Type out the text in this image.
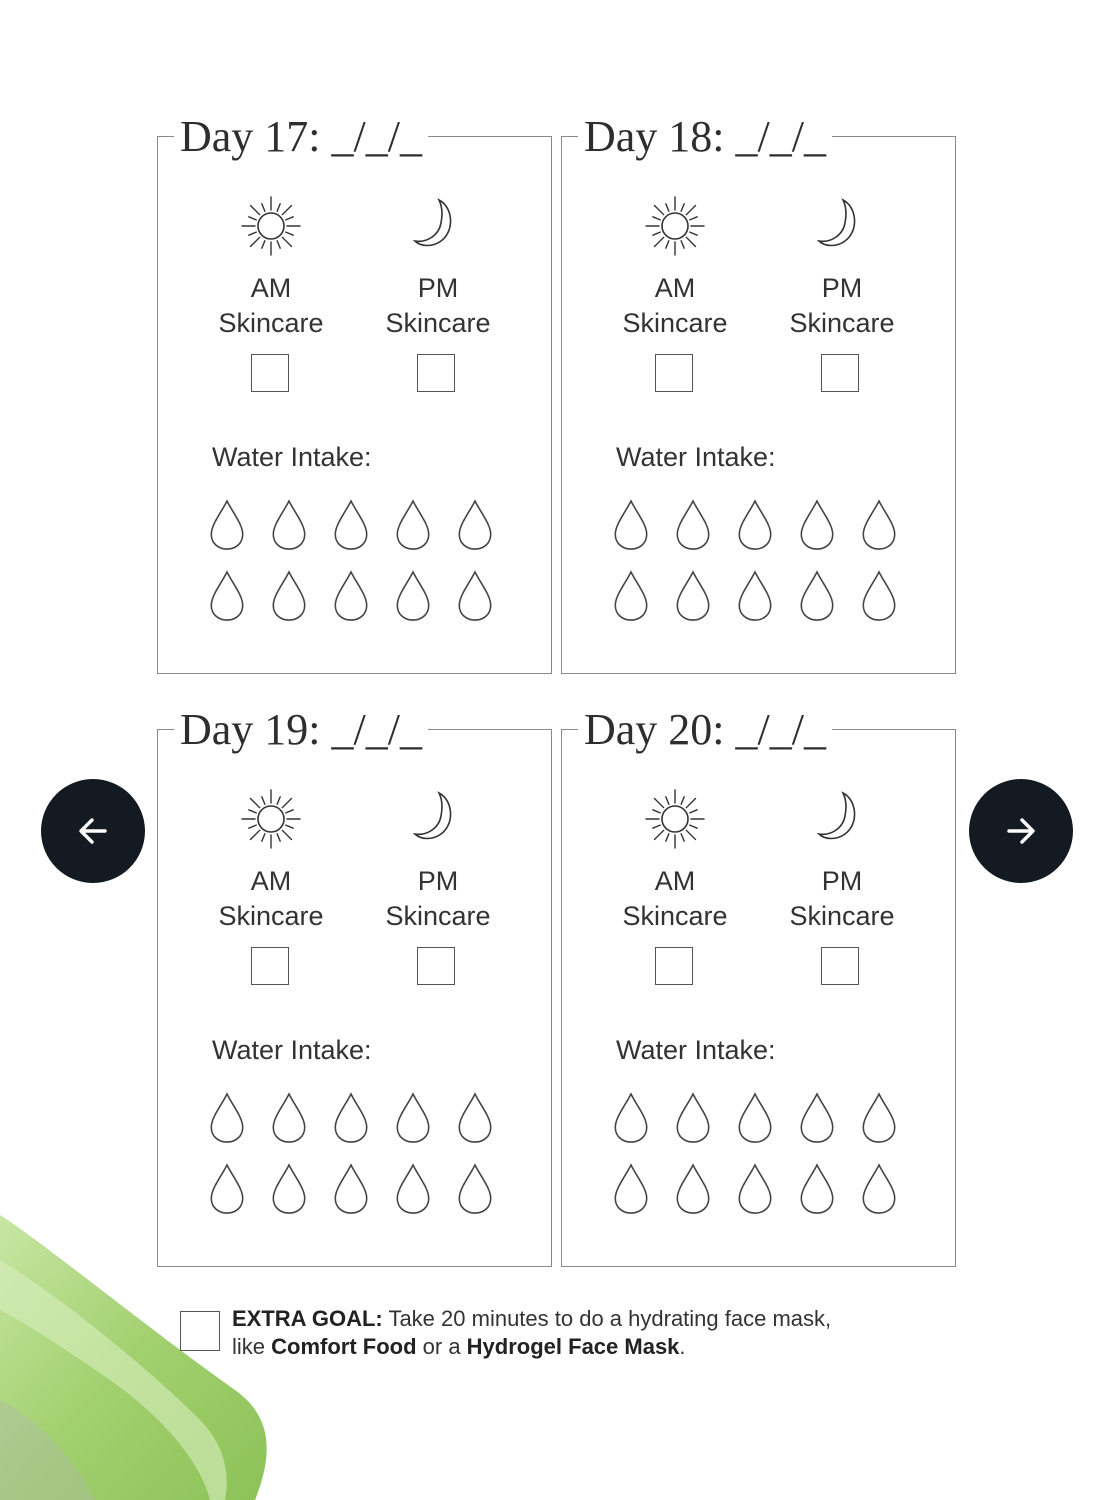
Day 17: _/_/_
AM
Skincare
PM
Skincare
Water Intake:
Day 18: _/_/_
AM
Skincare
PM
Skincare
Water Intake:
Day 19: _/_/_
AM
Skincare
PM
Skincare
Water Intake:
Day 20: _/_/_
AM
Skincare
PM
Skincare
Water Intake:
EXTRA GOAL: Take 20 minutes to do a hydrating face mask,
like Comfort Food or a Hydrogel Face Mask.
